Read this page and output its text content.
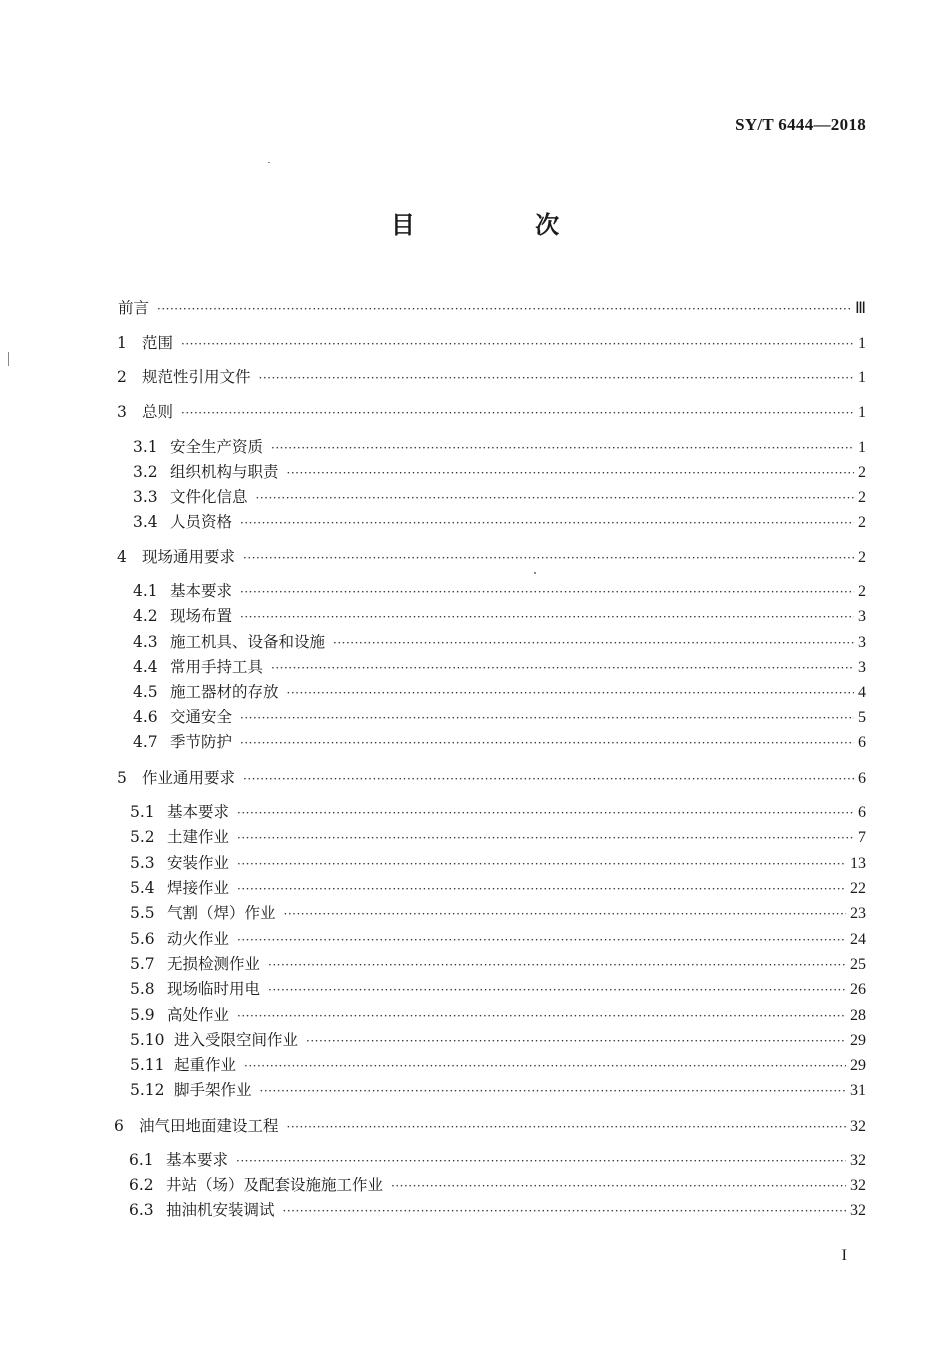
SY/T 6444—2018
目 次
前言 ·····	Ⅲ
1 范围 ·····	1
2 规范性引用文件 ·····	1
3 总则 ·····	1
3.1 安全生产资质 ·····	1
3.2 组织机构与职责 ·····	2
3.3 文件化信息 ·····	2
3.4 人员资格 ·····	2
4 现场通用要求 ·····	2
4.1 基本要求 ·····	2
4.2 现场布置 ·····	3
4.3 施工机具、设备和设施 ·····	3
4.4 常用手持工具 ·····	3
4.5 施工器材的存放 ·····	4
4.6 交通安全 ·····	5
4.7 季节防护 ·····	6
5 作业通用要求 ·····	6
5.1 基本要求 ·····	6
5.2 土建作业 ·····	7
5.3 安装作业 ·····	13
5.4 焊接作业 ·····	22
5.5 气割（焊）作业 ·····	23
5.6 动火作业 ·····	24
5.7 无损检测作业 ·····	25
5.8 现场临时用电 ·····	26
5.9 高处作业 ·····	28
5.10 进入受限空间作业 ·····	29
5.11 起重作业 ·····	29
5.12 脚手架作业 ·····	31
6 油气田地面建设工程 ·····	32
6.1 基本要求 ·····	32
6.2 井站（场）及配套设施施工作业 ·····	32
6.3 抽油机安装调试 ·····	32
I
